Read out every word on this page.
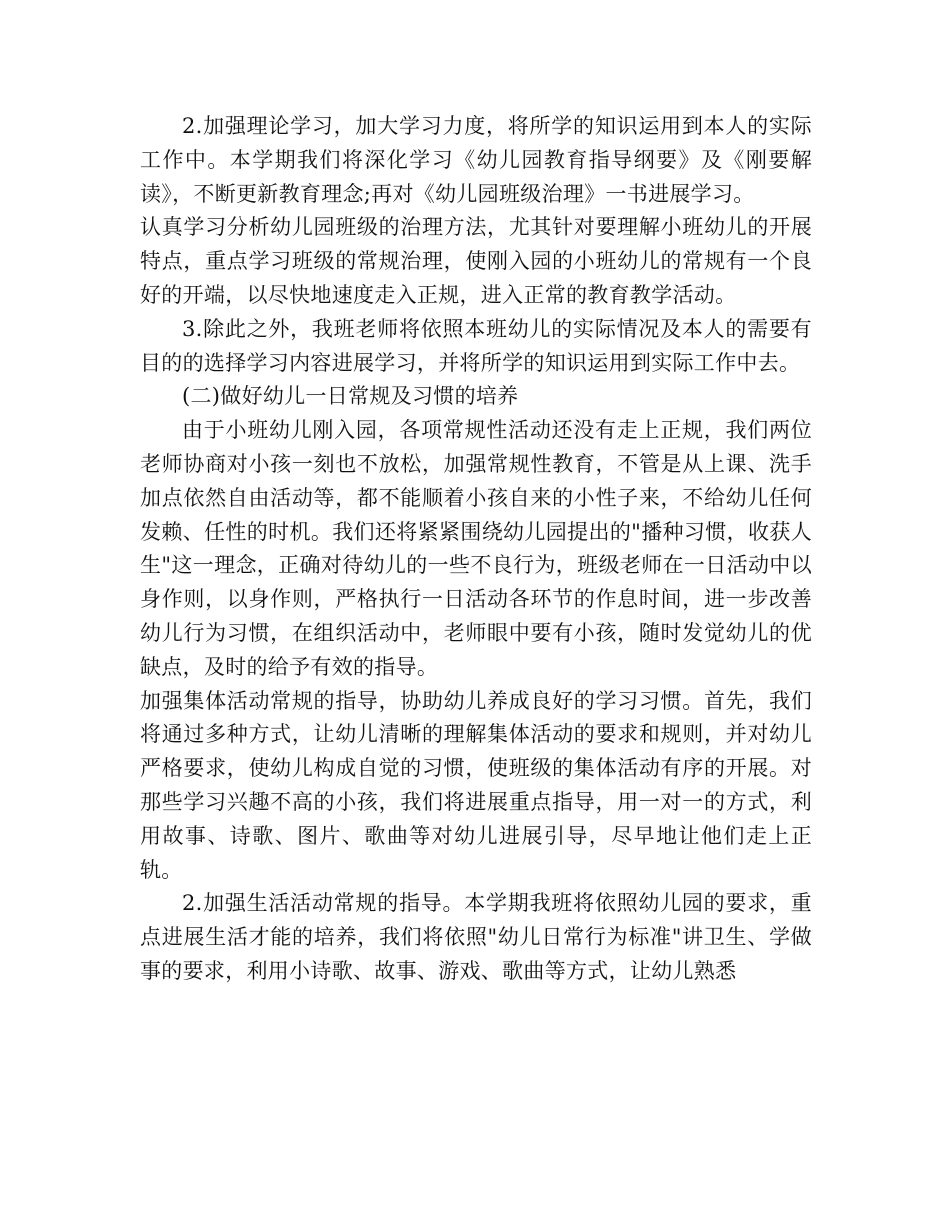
2.加强理论学习，加大学习力度，将所学的知识运用到本人的实际工作中。本学期我们将深化学习《幼儿园教育指导纲要》及《刚要解读》，不断更新教育理念;再对《幼儿园班级治理》一书进展学习。

认真学习分析幼儿园班级的治理方法，尤其针对要理解小班幼儿的开展特点，重点学习班级的常规治理，使刚入园的小班幼儿的常规有一个良好的开端，以尽快地速度走入正规，进入正常的教育教学活动。

3.除此之外，我班老师将依照本班幼儿的实际情况及本人的需要有目的的选择学习内容进展学习，并将所学的知识运用到实际工作中去。

(二)做好幼儿一日常规及习惯的培养

由于小班幼儿刚入园，各项常规性活动还没有走上正规，我们两位老师协商对小孩一刻也不放松，加强常规性教育，不管是从上课、洗手加点依然自由活动等，都不能顺着小孩自来的小性子来，不给幼儿任何发赖、任性的时机。我们还将紧紧围绕幼儿园提出的"播种习惯，收获人生"这一理念，正确对待幼儿的一些不良行为，班级老师在一日活动中以身作则，以身作则，严格执行一日活动各环节的作息时间，进一步改善幼儿行为习惯，在组织活动中，老师眼中要有小孩，随时发觉幼儿的优缺点，及时的给予有效的指导。

加强集体活动常规的指导，协助幼儿养成良好的学习习惯。首先，我们将通过多种方式，让幼儿清晰的理解集体活动的要求和规则，并对幼儿严格要求，使幼儿构成自觉的习惯，使班级的集体活动有序的开展。对那些学习兴趣不高的小孩，我们将进展重点指导，用一对一的方式，利用故事、诗歌、图片、歌曲等对幼儿进展引导，尽早地让他们走上正轨。

2.加强生活活动常规的指导。本学期我班将依照幼儿园的要求，重点进展生活才能的培养，我们将依照"幼儿日常行为标准"讲卫生、学做事的要求，利用小诗歌、故事、游戏、歌曲等方式，让幼儿熟悉
